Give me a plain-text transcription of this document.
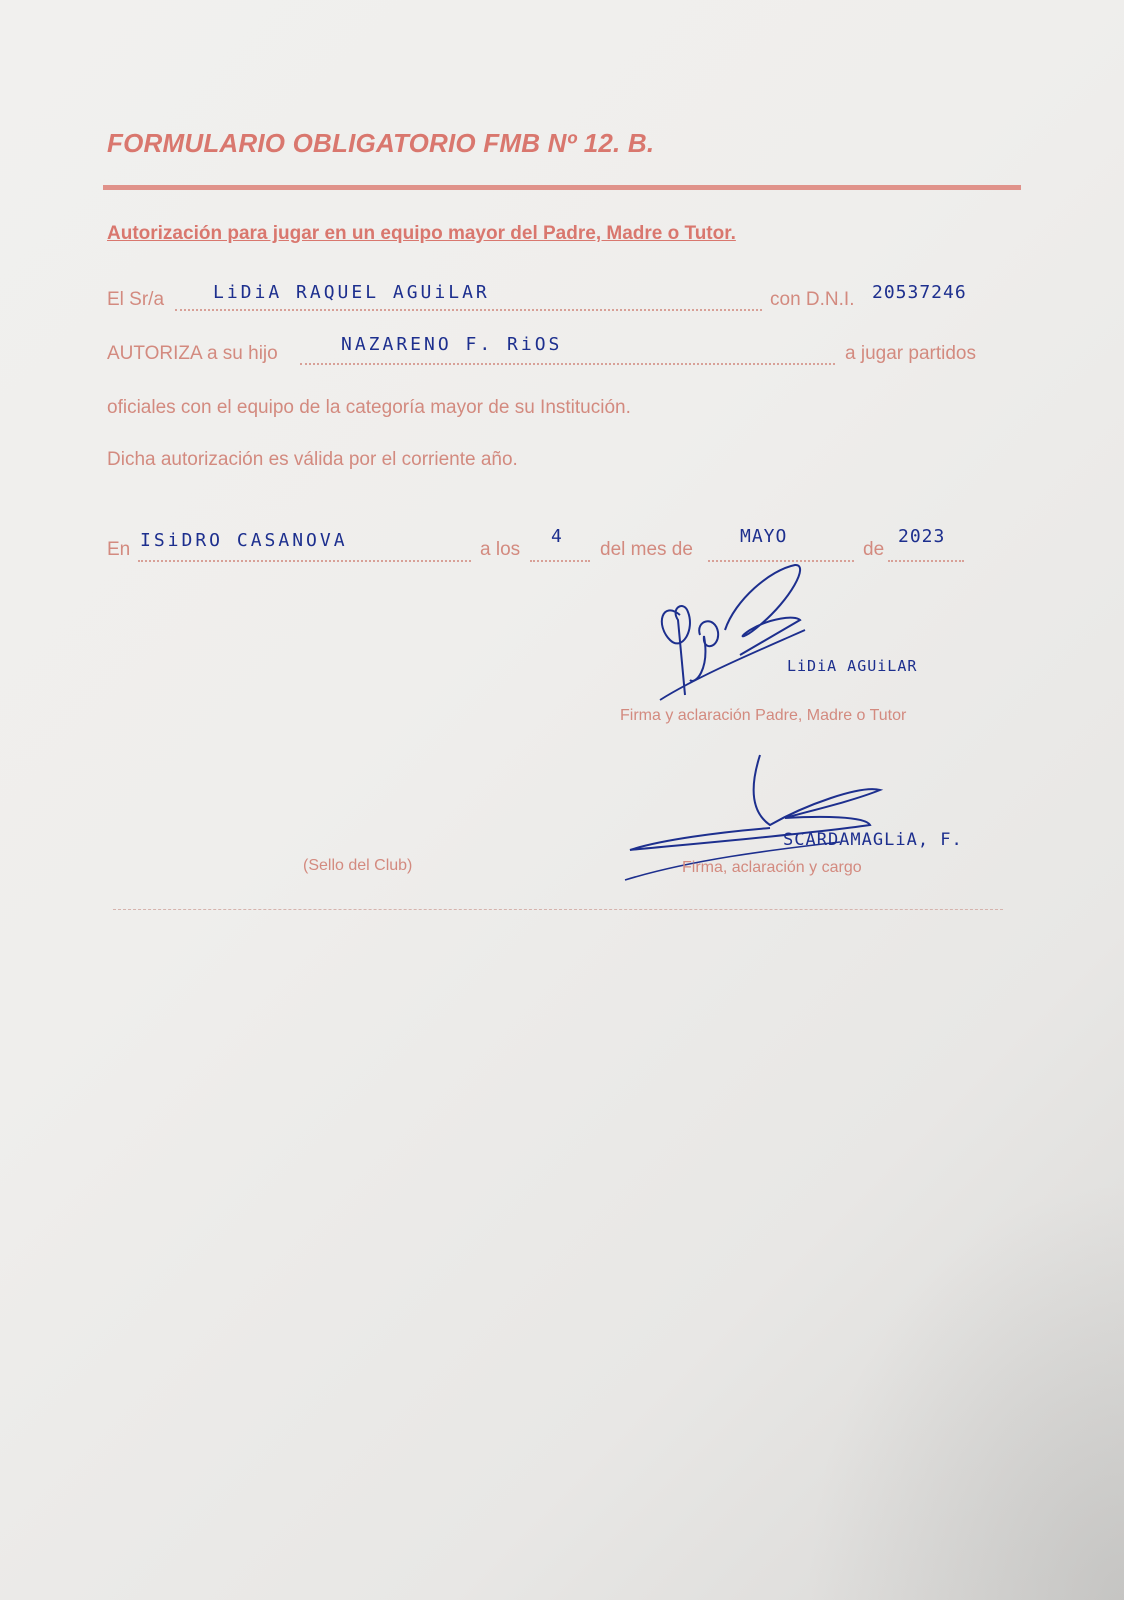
FORMULARIO OBLIGATORIO FMB Nº 12. B.
Autorización para jugar en un equipo mayor del Padre, Madre o Tutor.
El Sr/a	LiDiA RAQUEL AGUiLAR	con D.N.I. 20537246
AUTORIZA a su hijo	NAZARENO F. RiOS	a jugar partidos
oficiales con el equipo de la categoría mayor de su Institución.
Dicha autorización es válida por el corriente año.
En ISiDRO CASANOVA	a los
4
del mes de
MAYO
de
2023
LiDiA AGUiLAR
Firma y aclaración Padre, Madre o Tutor
SCARDAMAGLiA, F.
Firma, aclaración y cargo
(Sello del Club)
